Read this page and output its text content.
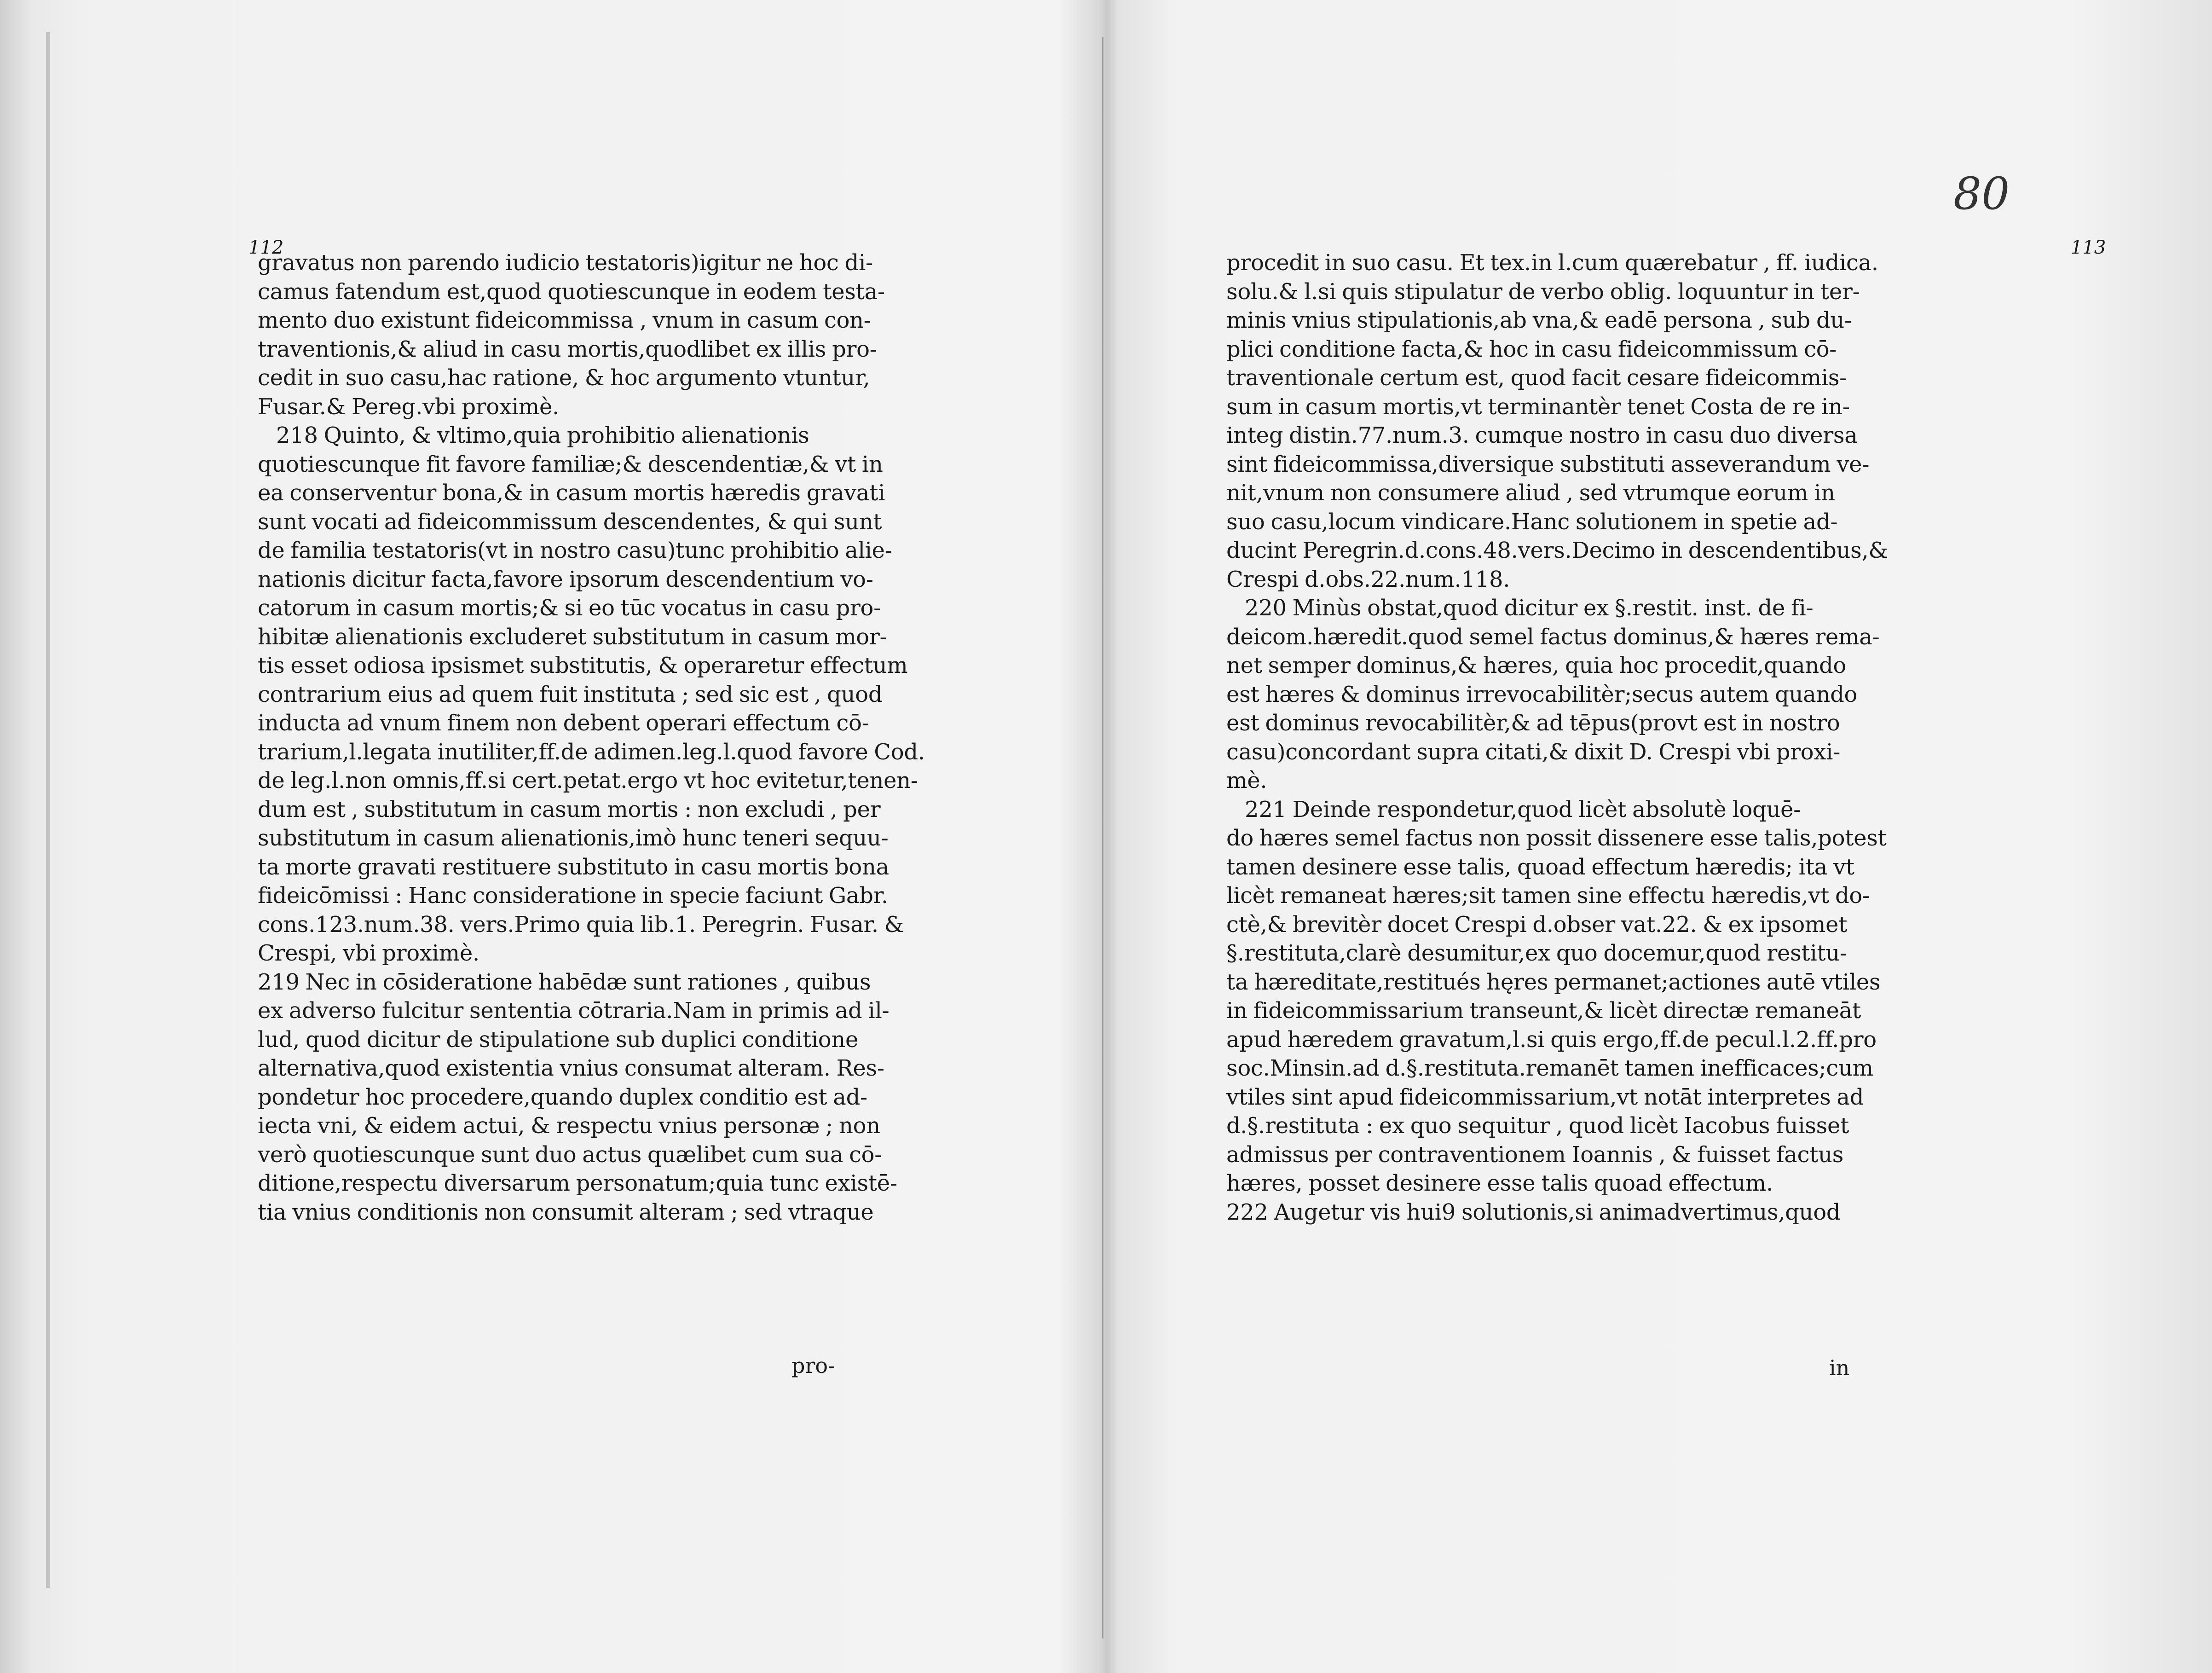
112
gravatus non parendo iudicio testatoris)igitur ne hoc di-
camus fatendum est,quod quotiescunque in eodem testa-
mento duo existunt fideicommissa , vnum in casum con-
traventionis,& aliud in casu mortis,quodlibet ex illis pro-
cedit in suo casu,hac ratione, & hoc argumento vtuntur,
Fusar.& Pereg.vbi proximè.
218 Quinto, & vltimo,quia prohibitio alienationis
quotiescunque fit favore familiæ;& descendentiæ,& vt in
ea conserventur bona,& in casum mortis hæredis gravati
sunt vocati ad fideicommissum descendentes, & qui sunt
de familia testatoris(vt in nostro casu)tunc prohibitio alie-
nationis dicitur facta,favore ipsorum descendentium vo-
catorum in casum mortis;& si eo tūc vocatus in casu pro-
hibitæ alienationis excluderet substitutum in casum mor-
tis esset odiosa ipsismet substitutis, & operaretur effectum
contrarium eius ad quem fuit instituta ; sed sic est , quod
inducta ad vnum finem non debent operari effectum cō-
trarium,l.legata inutiliter,ff.de adimen.leg.l.quod favore Cod.
de leg.l.non omnis,ff.si cert.petat.ergo vt hoc evitetur,tenen-
dum est , substitutum in casum mortis : non excludi , per
substitutum in casum alienationis,imò hunc teneri sequu-
ta morte gravati restituere substituto in casu mortis bona
fideicōmissi : Hanc consideratione in specie faciunt Gabr.
cons.123.num.38. vers.Primo quia lib.1. Peregrin. Fusar. &
Crespi, vbi proximè.
219 Nec in cōsideratione habēdæ sunt rationes , quibus
ex adverso fulcitur sententia cōtraria.Nam in primis ad il-
lud, quod dicitur de stipulatione sub duplici conditione
alternativa,quod existentia vnius consumat alteram. Res-
pondetur hoc procedere,quando duplex conditio est ad-
iecta vni, & eidem actui, & respectu vnius personæ ; non
verò quotiescunque sunt duo actus quælibet cum sua cō-
ditione,respectu diversarum personatum;quia tunc existē-
tia vnius conditionis non consumit alteram ; sed vtraque
pro-
80
113
procedit in suo casu. Et tex.in l.cum quærebatur , ff. iudica.
solu.& l.si quis stipulatur de verbo oblig. loquuntur in ter-
minis vnius stipulationis,ab vna,& eadē persona , sub du-
plici conditione facta,& hoc in casu fideicommissum cō-
traventionale certum est, quod facit cesare fideicommis-
sum in casum mortis,vt terminantèr tenet Costa de re in-
integ distin.77.num.3. cumque nostro in casu duo diversa
sint fideicommissa,diversique substituti asseverandum ve-
nit,vnum non consumere aliud , sed vtrumque eorum in
suo casu,locum vindicare.Hanc solutionem in spetie ad-
ducint Peregrin.d.cons.48.vers.Decimo in descendentibus,&
Crespi d.obs.22.num.118.
220 Minùs obstat,quod dicitur ex §.restit. inst. de fi-
deicom.hæredit.quod semel factus dominus,& hæres rema-
net semper dominus,& hæres, quia hoc procedit,quando
est hæres & dominus irrevocabilitèr;secus autem quando
est dominus revocabilitèr,& ad tēpus(provt est in nostro
casu)concordant supra citati,& dixit D. Crespi vbi proxi-
mè.
221 Deinde respondetur,quod licèt absolutè loquē-
do hæres semel factus non possit dissenere esse talis,potest
tamen desinere esse talis, quoad effectum hæredis; ita vt
licèt remaneat hæres;sit tamen sine effectu hæredis,vt do-
ctè,& brevitèr docet Crespi d.obser vat.22. & ex ipsomet
§.restituta,clarè desumitur,ex quo docemur,quod restitu-
ta hæreditate,restitués hęres permanet;actiones autē vtiles
in fideicommissarium transeunt,& licèt directæ remaneāt
apud hæredem gravatum,l.si quis ergo,ff.de pecul.l.2.ff.pro
soc.Minsin.ad d.§.restituta.remanēt tamen inefficaces;cum
vtiles sint apud fideicommissarium,vt notāt interpretes ad
d.§.restituta : ex quo sequitur , quod licèt Iacobus fuisset
admissus per contraventionem Ioannis , & fuisset factus
hæres, posset desinere esse talis quoad effectum.
222 Augetur vis hui9 solutionis,si animadvertimus,quod
in
